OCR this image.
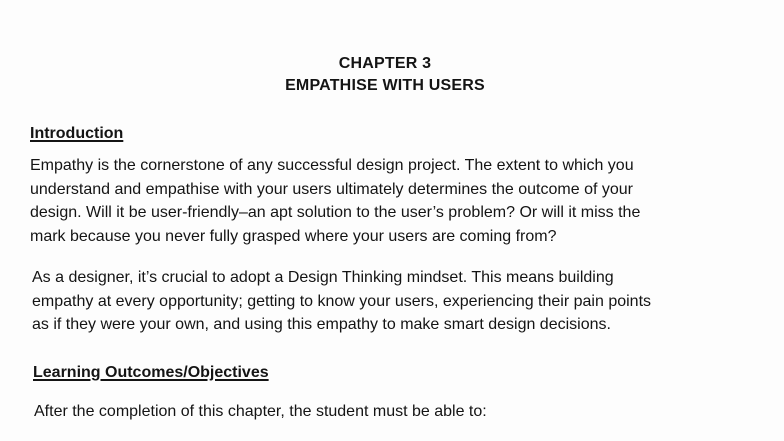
CHAPTER 3
EMPATHISE WITH USERS
Introduction
Empathy is the cornerstone of any successful design project. The extent to which you
understand and empathise with your users ultimately determines the outcome of your
design. Will it be user-friendly–an apt solution to the user’s problem? Or will it miss the
mark because you never fully grasped where your users are coming from?
As a designer, it’s crucial to adopt a Design Thinking mindset. This means building
empathy at every opportunity; getting to know your users, experiencing their pain points
as if they were your own, and using this empathy to make smart design decisions.
Learning Outcomes/Objectives
After the completion of this chapter, the student must be able to:
